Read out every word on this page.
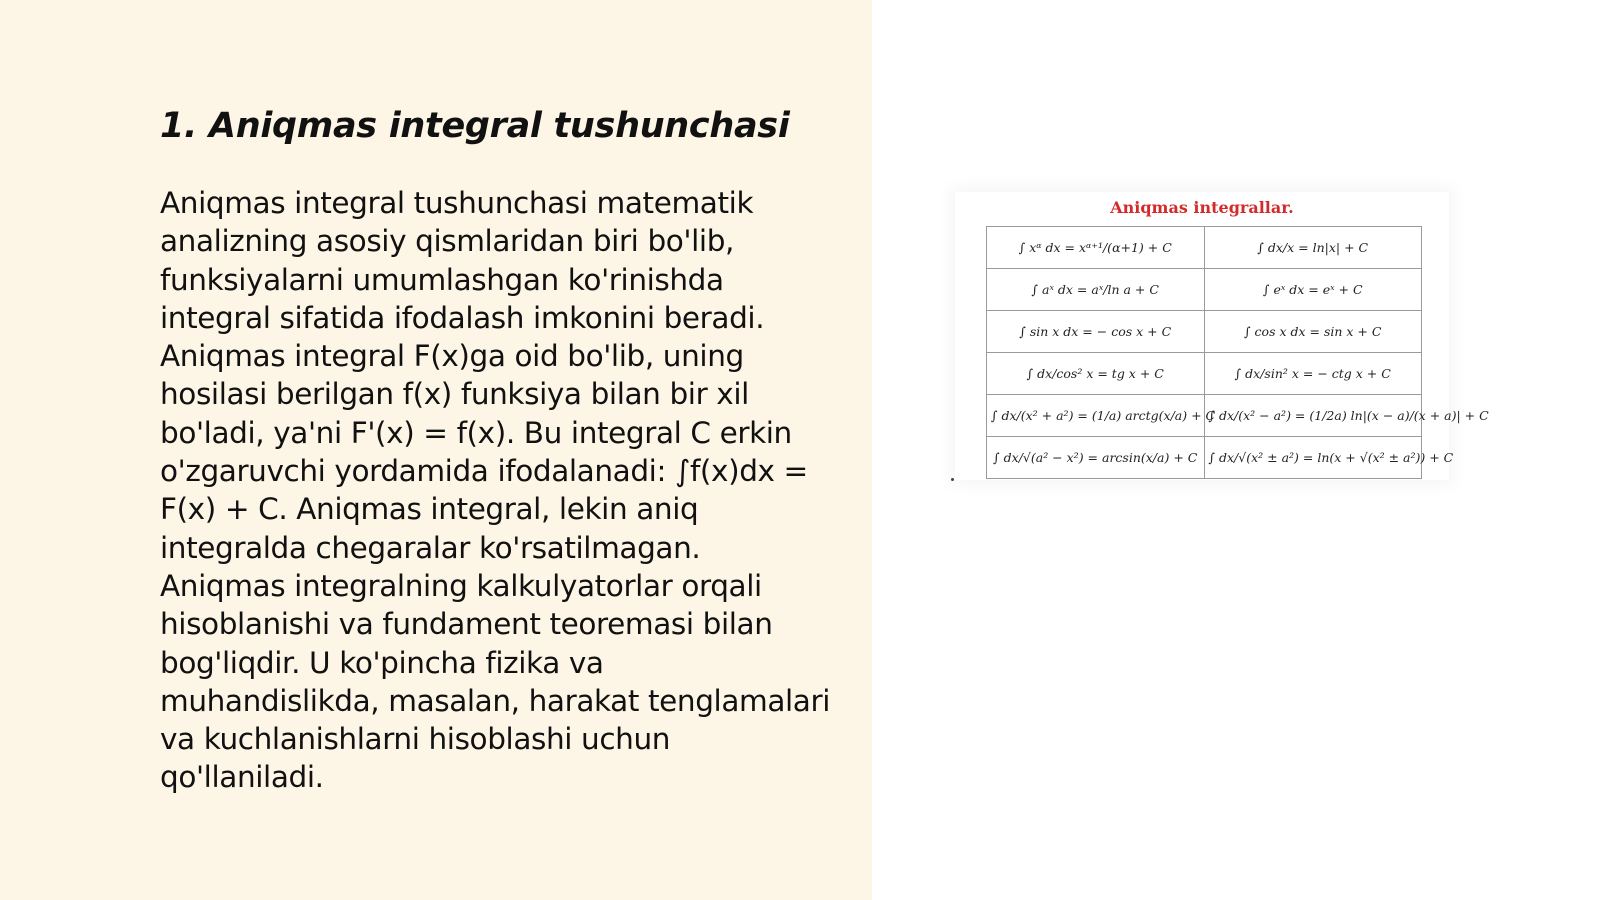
1. Aniqmas integral tushunchasi

Aniqmas integral tushunchasi matematik analizning asosiy qismlaridan biri bo'lib, funksiyalarni umumlashgan ko'rinishda integral sifatida ifodalash imkonini beradi. Aniqmas integral F(x)ga oid bo'lib, uning hosilasi berilgan f(x) funksiya bilan bir xil bo'ladi, ya'ni F'(x) = f(x). Bu integral C erkin o'zgaruvchi yordamida ifodalanadi: ∫f(x)dx = F(x) + C. Aniqmas integral, lekin aniq integralda chegaralar ko'rsatilmagan. Aniqmas integralning kalkulyatorlar orqali hisoblanishi va fundament teoremasi bilan bog'liqdir. U ko'pincha fizika va muhandislikda, masalan, harakat tenglamalari va kuchlanishlarni hisoblashi uchun qo'llaniladi.

Aniqmas integrallar.
∫ xᵅ dx = xᵅ⁺¹/(α+1) + C	∫ dx/x = ln|x| + C
∫ aˣ dx = aˣ/ln a + C	∫ eˣ dx = eˣ + C
∫ sin x dx = − cos x + C	∫ cos x dx = sin x + C
∫ dx/cos² x = tg x + C	∫ dx/sin² x = − ctg x + C
∫ dx/(x² + a²) = (1/a) arctg(x/a) + C	∫ dx/(x² − a²) = (1/2a) ln|(x − a)/(x + a)| + C
∫ dx/√(a² − x²) = arcsin(x/a) + C	∫ dx/√(x² ± a²) = ln(x + √(x² ± a²)) + C
